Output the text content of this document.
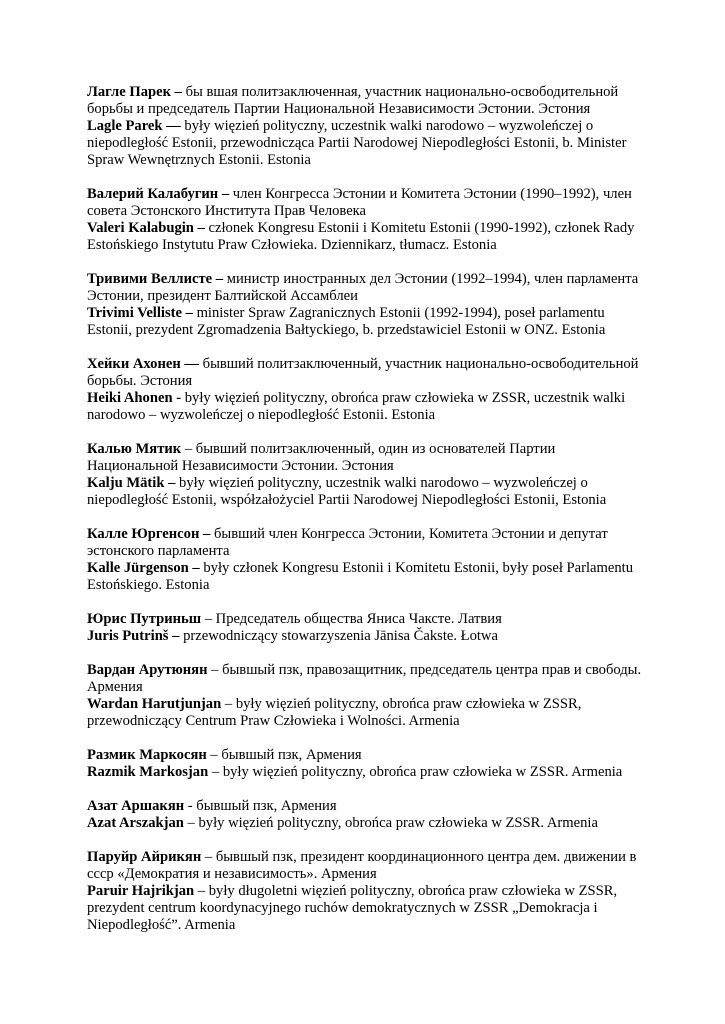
Лагле Парек – бы вшая политзаключенная, участник национально-освободительной борьбы и председатель Партии Национальной Независимости Эстонии. Эстония

Lagle Parek — były więzień polityczny, uczestnik walki narodowo – wyzwoleńczej o niepodległość Estonii, przewodnicząca Partii Narodowej Niepodległości Estonii, b. Minister Spraw Wewnętrznych Estonii. Estonia

Валерий Калабугин – член Конгресса Эстонии и Комитета Эстонии (1990–1992), член совета Эстонского Института Прав Человека

Valeri Kalabugin – członek Kongresu Estonii i Komitetu Estonii (1990-1992), członek Rady Estońskiego Instytutu Praw Człowieka. Dziennikarz, tłumacz. Estonia

Тривими Веллисте – министр иностранных дел Эстонии (1992–1994), член парламента Эстонии, президент Балтийской Ассамблеи

Trivimi Velliste – minister Spraw Zagranicznych Estonii (1992-1994), poseł parlamentu Estonii, prezydent Zgromadzenia Bałtyckiego, b. przedstawiciel Estonii w ONZ. Estonia

Хейки Ахонен — бывший политзаключенный, участник национально-освободительной борьбы. Эстония

Heiki Ahonen - były więzień polityczny, obrońca praw człowieka w ZSSR, uczestnik walki narodowo – wyzwoleńczej o niepodległość Estonii. Estonia

Калью Мятик – бывший политзаключенный, один из основателей Партии Национальной Независимости Эстонии. Эстония

Kalju Mätik – były więzień polityczny, uczestnik walki narodowo – wyzwoleńczej o niepodległość Estonii, współzałożyciel Partii Narodowej Niepodległości Estonii, Estonia

Калле Юргенсон – бывший член Конгресса Эстонии, Комитета Эстонии и депутат эстонского парламента

Kalle Jürgenson – były członek Kongresu Estonii i Komitetu Estonii, były poseł Parlamentu Estońskiego. Estonia

Юрис Путриньш – Председатель общества Яниса Чаксте. Латвия

Juris Putrinš – przewodniczący stowarzyszenia Jānisa Čakste. Łotwa

Вардан Арутюнян – бывшый пзк, правозащитник, председатель центра прав и свободы. Армения

Wardan Harutjunjan – były więzień polityczny, obrońca praw człowieka w ZSSR, przewodniczący Centrum Praw Człowieka i Wolności. Armenia

Размик Маркосян – бывшый пзк, Армения

Razmik Markosjan – były więzień polityczny, obrońca praw człowieka w ZSSR. Armenia

Азат Аршакян - бывшый пзк, Армения

Azat Arszakjan – były więzień polityczny, obrońca praw człowieka w ZSSR. Armenia

Паруйр Айрикян – бывшый пзк, президент координационного центра дем. движении в ссср «Демократия и независимость». Армения

Paruir Hajrikjan – były długoletni więzień polityczny, obrońca praw człowieka w ZSSR, prezydent centrum koordynacyjnego ruchów demokratycznych w ZSSR „Demokracja i Niepodległość”. Armenia
